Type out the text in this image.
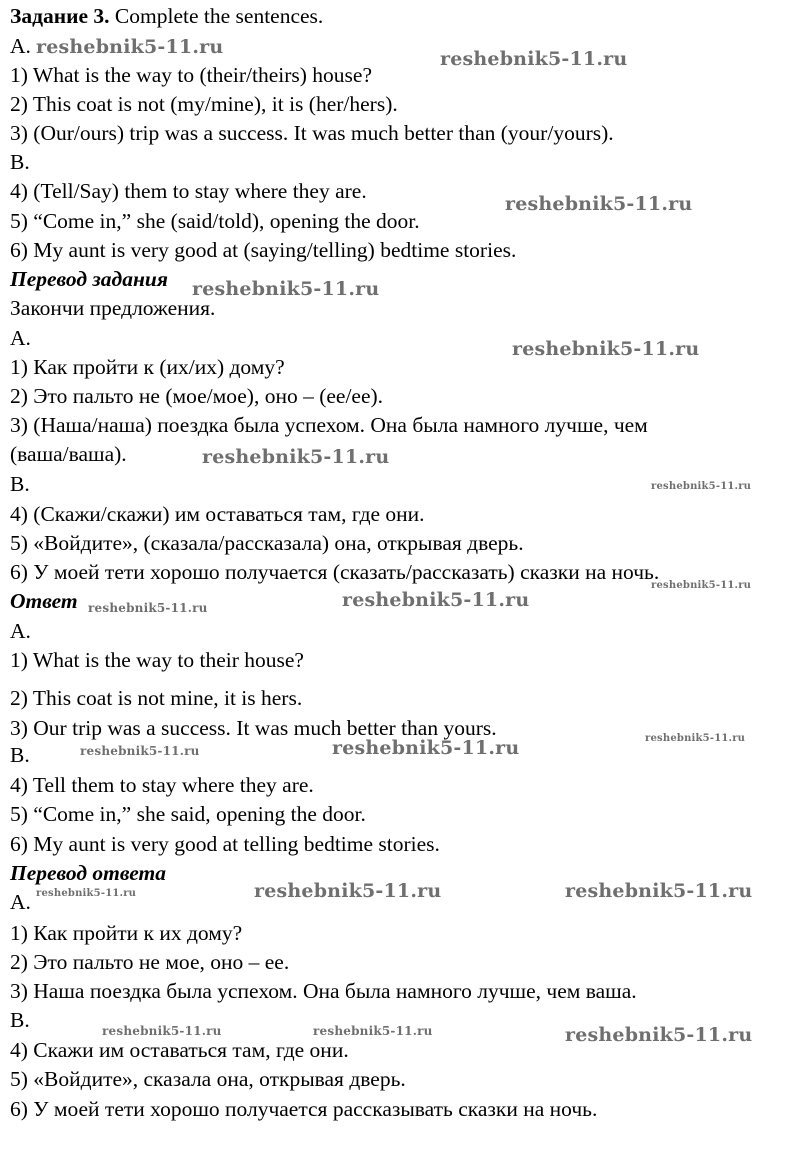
Задание 3. Complete the sentences.
A.
1) What is the way to (their/theirs) house?
2) This coat is not (my/mine), it is (her/hers).
3) (Our/ours) trip was a success. It was much better than (your/yours).
B.
4) (Tell/Say) them to stay where they are.
5) “Come in,” she (said/told), opening the door.
6) My aunt is very good at (saying/telling) bedtime stories.
Перевод задания
Закончи предложения.
А.
1) Как пройти к (их/их) дому?
2) Это пальто не (мое/мое), оно – (ее/ее).
3) (Наша/наша) поездка была успехом. Она была намного лучше, чем
(ваша/ваша).
В.
4) (Скажи/скажи) им оставаться там, где они.
5) «Войдите», (сказала/рассказала) она, открывая дверь.
6) У моей тети хорошо получается (сказать/рассказать) сказки на ночь.
Ответ
A.
1) What is the way to their house?
2) This coat is not mine, it is hers.
3) Our trip was a success. It was much better than yours.
B.
4) Tell them to stay where they are.
5) “Come in,” she said, opening the door.
6) My aunt is very good at telling bedtime stories.
Перевод ответа
А.
1) Как пройти к их дому?
2) Это пальто не мое, оно – ее.
3) Наша поездка была успехом. Она была намного лучше, чем ваша.
В.
4) Скажи им оставаться там, где они.
5) «Войдите», сказала она, открывая дверь.
6) У моей тети хорошо получается рассказывать сказки на ночь.
reshebnik5-11.ru
reshebnik5-11.ru
reshebnik5-11.ru
reshebnik5-11.ru
reshebnik5-11.ru
reshebnik5-11.ru
reshebnik5-11.ru
reshebnik5-11.ru
reshebnik5-11.ru	reshebnik5-11.ru
reshebnik5-11.ru
reshebnik5-11.ru	reshebnik5-11.ru
reshebnik5-11.ru	reshebnik5-11.ru	reshebnik5-11.ru
reshebnik5-11.ru	reshebnik5-11.ru	reshebnik5-11.ru
